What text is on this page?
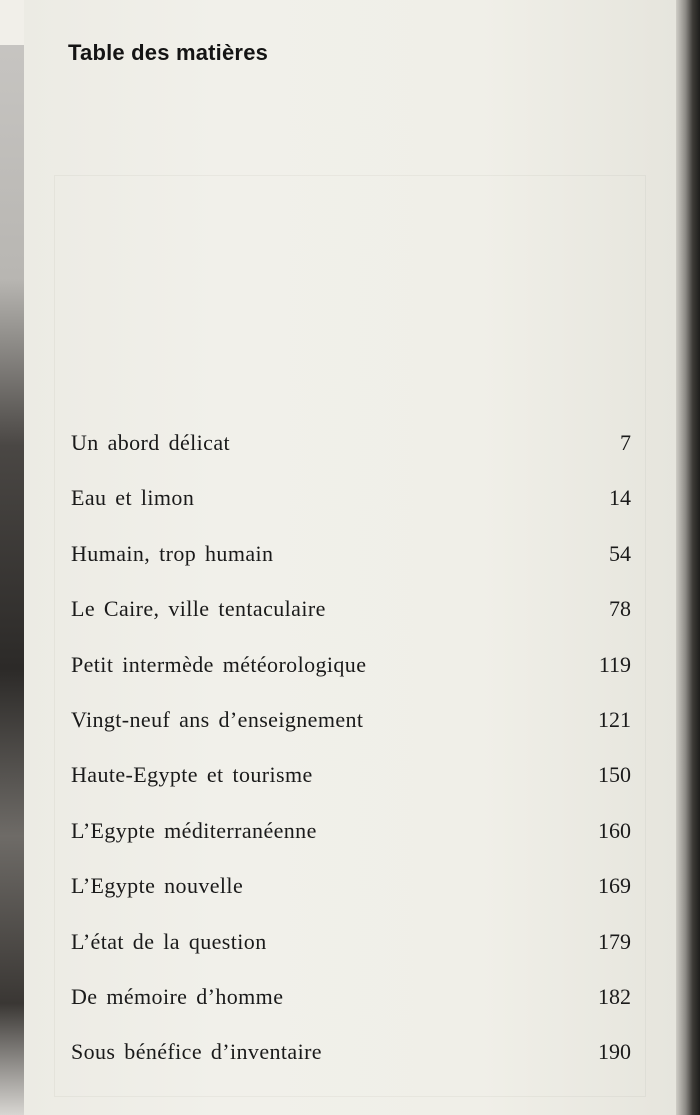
Table des matières
Un abord délicat	7
Eau et limon	14
Humain, trop humain	54
Le Caire, ville tentaculaire	78
Petit intermède météorologique	119
Vingt-neuf ans d’enseignement	121
Haute-Egypte et tourisme	150
L’Egypte méditerranéenne	160
L’Egypte nouvelle	169
L’état de la question	179
De mémoire d’homme	182
Sous bénéfice d’inventaire	190
